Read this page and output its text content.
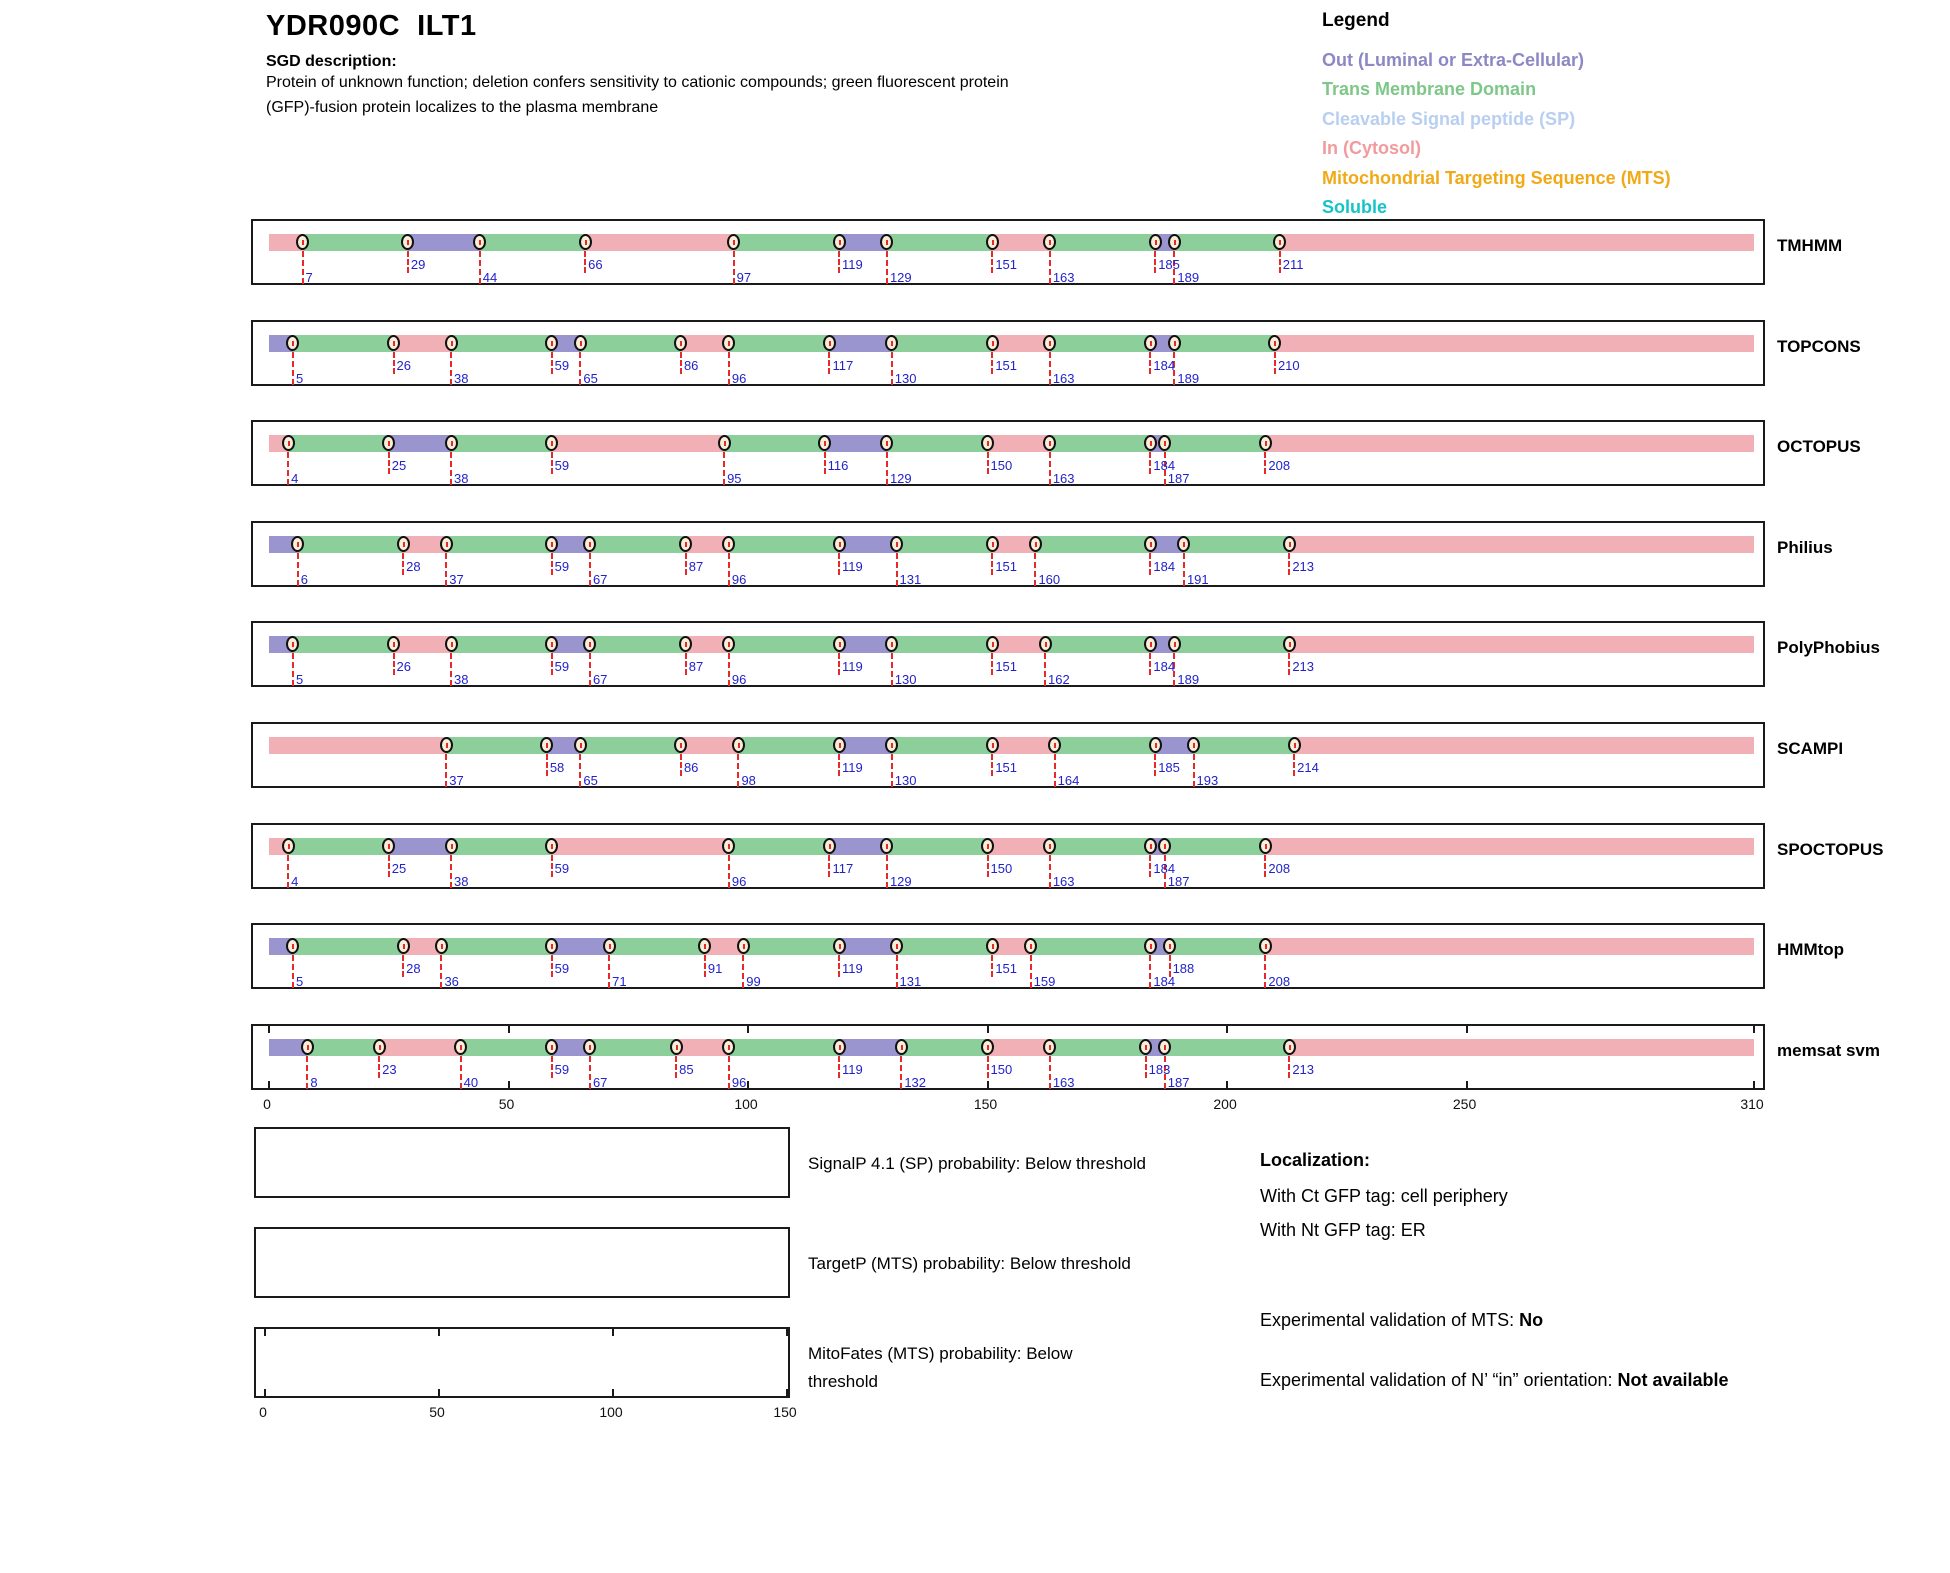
YDR090C  ILT1
SGD description:
Protein of unknown function; deletion confers sensitivity to cationic compounds; green fluorescent protein
(GFP)-fusion protein localizes to the plasma membrane
Legend
Out (Luminal or Extra-Cellular)
Trans Membrane Domain
Cleavable Signal peptide (SP)
In (Cytosol)
Mitochondrial Targeting Sequence (MTS)
Soluble
7
29
44
66
97
119
129
151
163
185
189
211
TMHMM
5
26
38
59
65
86
96
117
130
151
163
184
189
210
TOPCONS
4
25
38
59
95
116
129
150
163
184
187
208
OCTOPUS
6
28
37
59
67
87
96
119
131
151
160
184
191
213
Philius
5
26
38
59
67
87
96
119
130
151
162
184
189
213
PolyPhobius
37
58
65
86
98
119
130
151
164
185
193
214
SCAMPI
4
25
38
59
96
117
129
150
163
184
187
208
SPOCTOPUS
5
28
36
59
71
91
99
119
131
151
159	184
188
208
HMMtop
8
23
40
59
67
85
96
119
132
150
163
183
187
213
0	50	100	150	200	250	310
memsat svm
SignalP 4.1 (SP) probability: Below threshold
TargetP (MTS) probability: Below threshold
0	50	100	150
MitoFates (MTS) probability: Below
threshold
Localization:
With Ct GFP tag: cell periphery
With Nt GFP tag: ER
Experimental validation of MTS: No
Experimental validation of N’ “in” orientation: Not available
